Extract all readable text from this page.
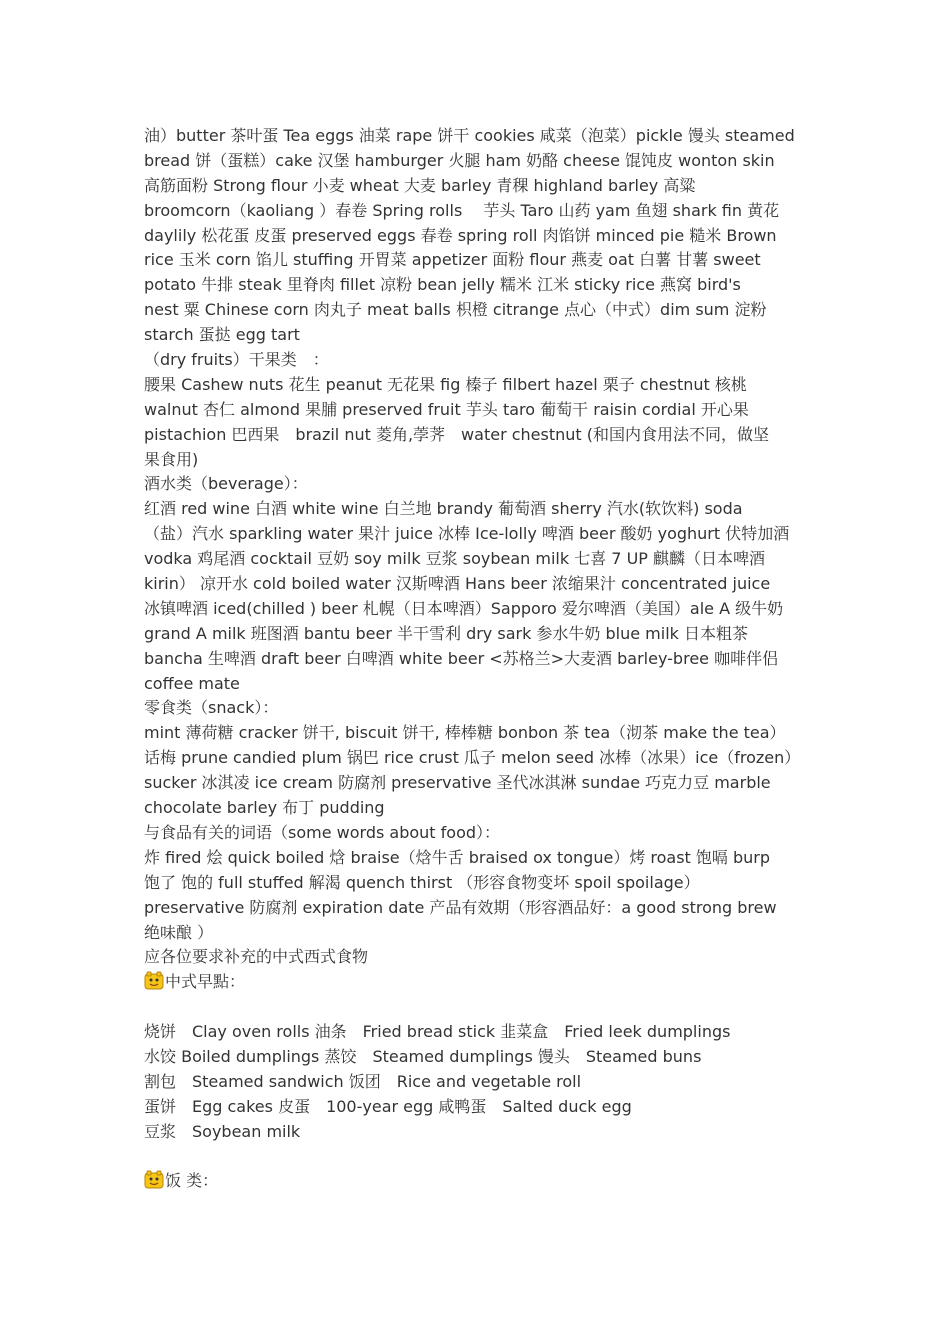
油）butter 茶叶蛋 Tea eggs 油菜 rape 饼干 cookies 咸菜（泡菜）pickle 馒头 steamed
bread 饼（蛋糕）cake 汉堡 hamburger 火腿 ham 奶酪 cheese 馄饨皮 wonton skin
高筋面粉 Strong flour 小麦 wheat 大麦 barley 青稞 highland barley 高粱
broomcorn（kaoliang ）春卷 Spring rolls　 芋头 Taro 山药 yam 鱼翅 shark fin 黄花
daylily 松花蛋 皮蛋 preserved eggs 春卷 spring roll 肉馅饼 minced pie 糙米 Brown
rice 玉米 corn 馅儿 stuffing 开胃菜 appetizer 面粉 flour 燕麦 oat 白薯 甘薯 sweet
potato 牛排 steak 里脊肉 fillet 凉粉 bean jelly 糯米 江米 sticky rice 燕窝 bird's
nest 粟 Chinese corn 肉丸子 meat balls 枳橙 citrange 点心（中式）dim sum 淀粉
starch 蛋挞 egg tart
（dry fruits）干果类　：
腰果 Cashew nuts 花生 peanut 无花果 fig 榛子 filbert hazel 栗子 chestnut 核桃
walnut 杏仁 almond 果脯 preserved fruit 芋头 taro 葡萄干 raisin cordial 开心果
pistachion 巴西果　brazil nut 菱角,荸荠　water chestnut (和国内食用法不同，做坚
果食用)
酒水类（beverage）：
红酒 red wine 白酒 white wine 白兰地 brandy 葡萄酒 sherry 汽水(软饮料) soda
（盐）汽水 sparkling water 果汁 juice 冰棒 Ice-lolly 啤酒 beer 酸奶 yoghurt 伏特加酒
vodka 鸡尾酒 cocktail 豆奶 soy milk 豆浆 soybean milk 七喜 7 UP 麒麟（日本啤酒
kirin） 凉开水 cold boiled water 汉斯啤酒 Hans beer 浓缩果汁 concentrated juice
冰镇啤酒 iced(chilled ) beer 札幌（日本啤酒）Sapporo 爱尔啤酒（美国）ale A 级牛奶
grand A milk 班图酒 bantu beer 半干雪利 dry sark 参水牛奶 blue milk 日本粗茶
bancha 生啤酒 draft beer 白啤酒 white beer <苏格兰>大麦酒 barley-bree 咖啡伴侣
coffee mate
零食类（snack）：
mint 薄荷糖 cracker 饼干, biscuit 饼干, 棒棒糖 bonbon 茶 tea（沏茶 make the tea）
话梅 prune candied plum 锅巴 rice crust 瓜子 melon seed 冰棒（冰果）ice（frozen）
sucker 冰淇凌 ice cream 防腐剂 preservative 圣代冰淇淋 sundae 巧克力豆 marble
chocolate barley 布丁 pudding
与食品有关的词语（some words about food）：
炸 fired 烩 quick boiled 焓 braise（焓牛舌 braised ox tongue）烤 roast 饱嗝 burp
饱了 饱的 full stuffed 解渴 quench thirst （形容食物变坏 spoil spoilage）
preservative 防腐剂 expiration date 产品有效期（形容酒品好：a good strong brew
绝味酿 ）
应各位要求补充的中式西式食物
中式早點：
烧饼　Clay oven rolls 油条　Fried bread stick 韭菜盒　Fried leek dumplings
水饺 Boiled dumplings 蒸饺　Steamed dumplings 馒头　Steamed buns
割包　Steamed sandwich 饭团　Rice and vegetable roll
蛋饼　Egg cakes 皮蛋　100-year egg 咸鸭蛋　Salted duck egg
豆浆　Soybean milk
饭 类：
